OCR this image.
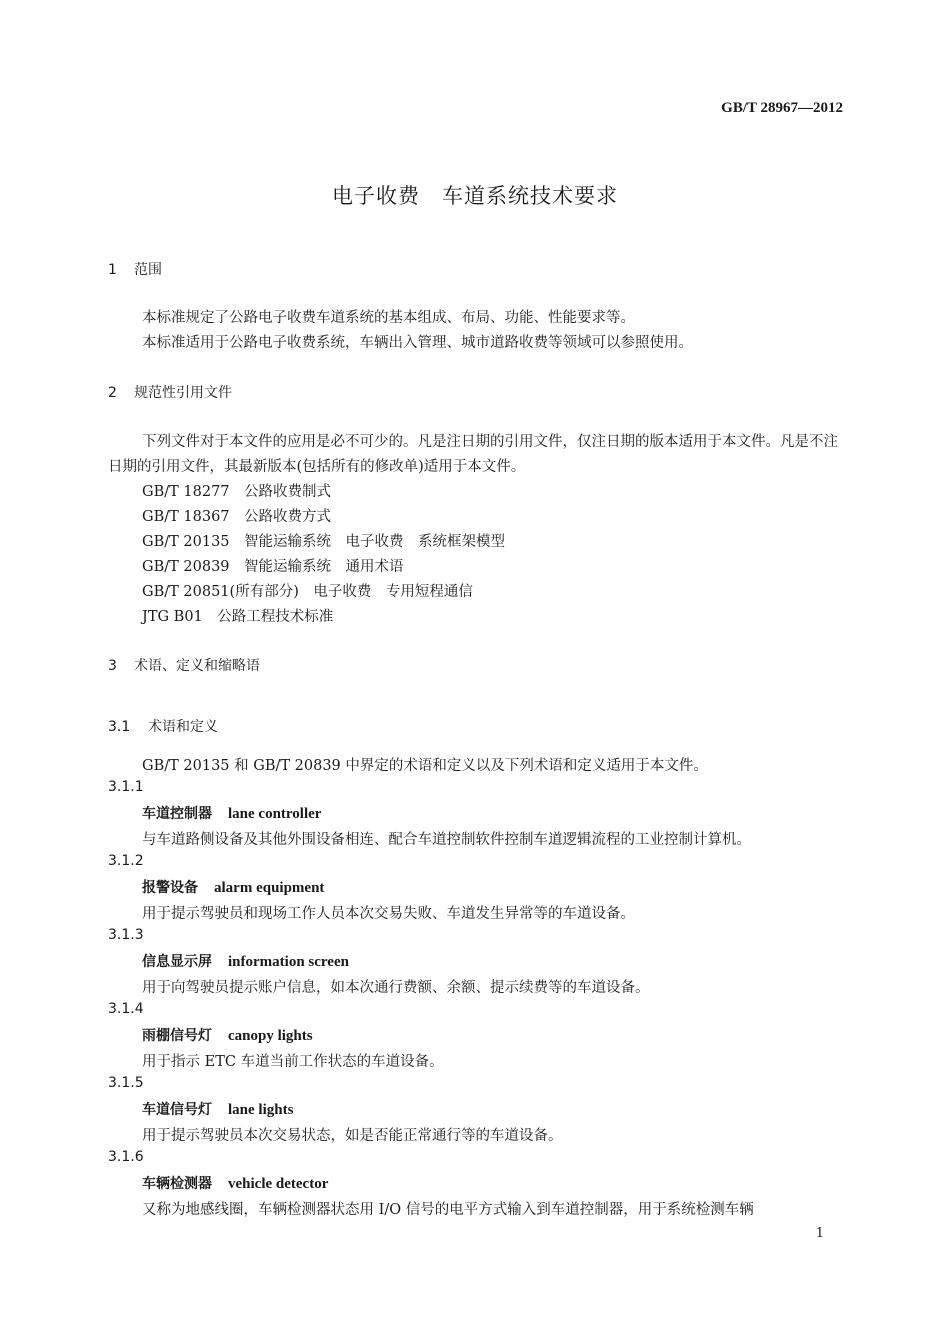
GB/T 28967—2012
电子收费　车道系统技术要求
1 范围
本标准规定了公路电子收费车道系统的基本组成、布局、功能、性能要求等。
本标准适用于公路电子收费系统，车辆出入管理、城市道路收费等领域可以参照使用。
2 规范性引用文件
下列文件对于本文件的应用是必不可少的。凡是注日期的引用文件，仅注日期的版本适用于本文件。凡是不注日期的引用文件，其最新版本(包括所有的修改单)适用于本文件。
GB/T 18277　公路收费制式
GB/T 18367　公路收费方式
GB/T 20135　智能运输系统　电子收费　系统框架模型
GB/T 20839　智能运输系统　通用术语
GB/T 20851(所有部分)　电子收费　专用短程通信
JTG B01　公路工程技术标准
3 术语、定义和缩略语
3.1 术语和定义
GB/T 20135 和 GB/T 20839 中界定的术语和定义以及下列术语和定义适用于本文件。
3.1.1
车道控制器 lane controller
与车道路侧设备及其他外围设备相连、配合车道控制软件控制车道逻辑流程的工业控制计算机。
3.1.2
报警设备 alarm equipment
用于提示驾驶员和现场工作人员本次交易失败、车道发生异常等的车道设备。
3.1.3
信息显示屏 information screen
用于向驾驶员提示账户信息，如本次通行费额、余额、提示续费等的车道设备。
3.1.4
雨棚信号灯 canopy lights
用于指示 ETC 车道当前工作状态的车道设备。
3.1.5
车道信号灯 lane lights
用于提示驾驶员本次交易状态，如是否能正常通行等的车道设备。
3.1.6
车辆检测器 vehicle detector
又称为地感线圈，车辆检测器状态用 I/O 信号的电平方式输入到车道控制器，用于系统检测车辆
1
